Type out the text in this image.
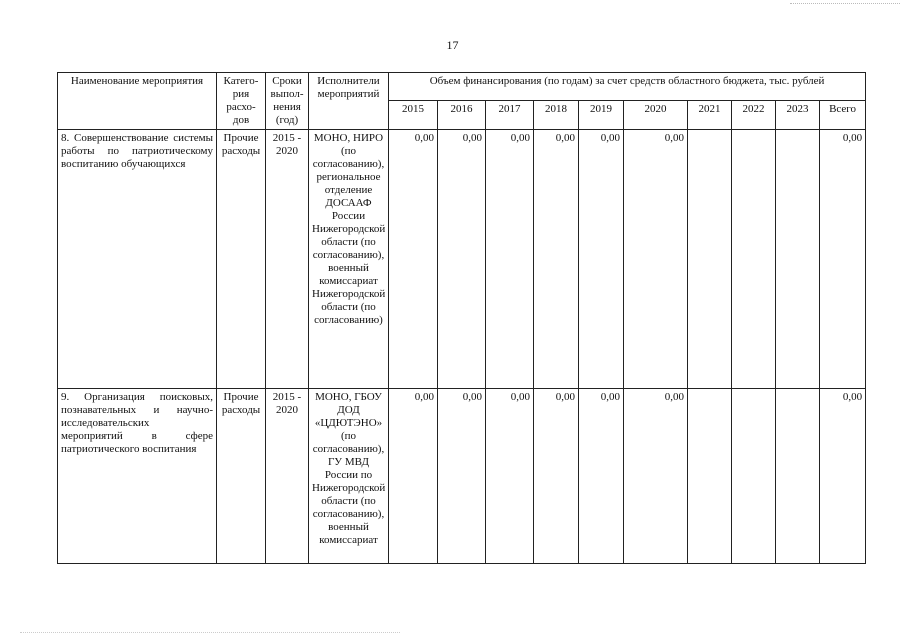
17
Наименование мероприятия	Катего-
рия
расхо-
дов	Сроки
выпол-
нения
(год)	Исполнители
мероприятий	Объем финансирования (по годам) за счет средств областного бюджета, тыс. рублей									
				2015	2016	2017	2018	2019	2020	2021	2022	2023	Всего
8. Совершенствование системы работы по патриотическому воспитанию обучающихся	Прочие расходы	2015 - 2020	МОНО, НИРО (по согласованию), региональное отделение ДОСААФ России Нижегородской области (по согласованию), военный комиссариат Нижегородской области (по согласованию)	0,00	0,00	0,00	0,00	0,00	0,00				0,00
9. Организация поисковых, познавательных и научно-исследовательских мероприятий в сфере патриотического воспитания	Прочие расходы	2015 - 2020	МОНО, ГБОУ ДОД «ЦДЮТЭНО» (по согласованию), ГУ МВД России по Нижегородской области (по согласованию), военный комиссариат	0,00	0,00	0,00	0,00	0,00	0,00				0,00
